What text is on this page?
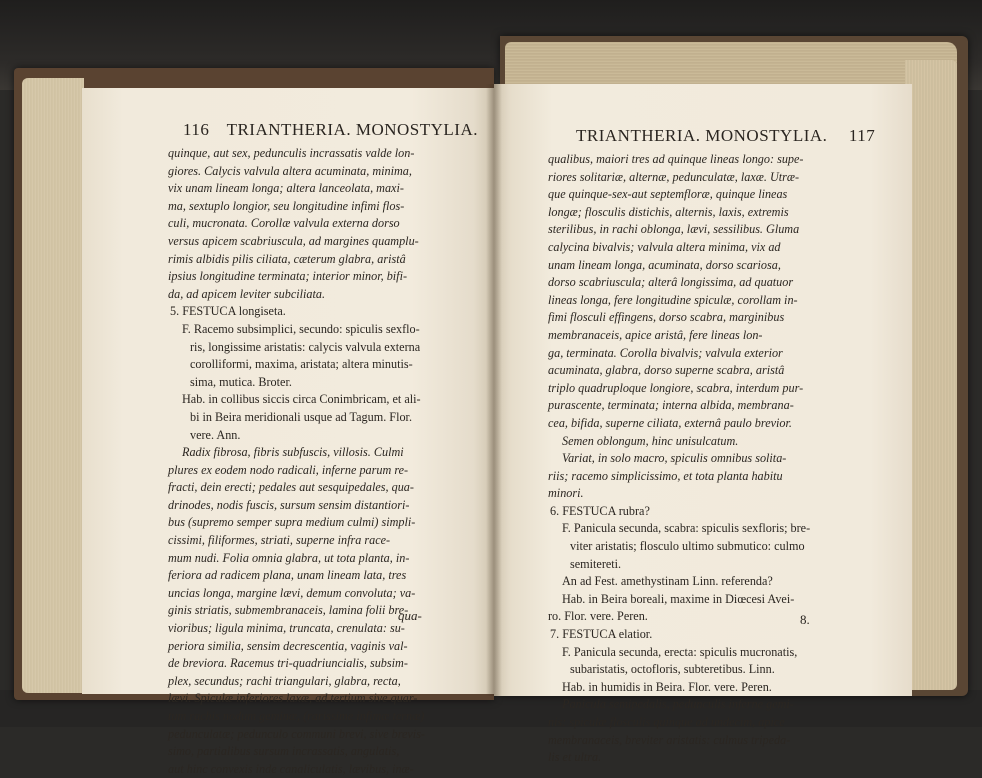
116 TRIANTHERIA. MONOSTYLIA.
quinque, aut sex, pedunculis incrassatis valde lon-
giores. Calycis valvula altera acuminata, minima,
vix unam lineam longa; altera lanceolata, maxi-
ma, sextuplo longior, seu longitudine infimi flos-
culi, mucronata. Corollæ valvula externa dorso
versus apicem scabriuscula, ad margines quamplu-
rimis albidis pilis ciliata, cæterum glabra, aristâ
ipsius longitudine terminata; interior minor, bifi-
da, ad apicem leviter subciliata.
5. FESTUCA longiseta.
F. Racemo subsimplici, secundo: spiculis sexflo-
ris, longissime aristatis: calycis valvula externa
corolliformi, maxima, aristata; altera minutis-
sima, mutica. Broter.
Hab. in collibus siccis circa Conimbricam, et ali-
bi in Beira meridionali usque ad Tagum. Flor.
vere. Ann.
Radix fibrosa, fibris subfuscis, villosis. Culmi
plures ex eodem nodo radicali, inferne parum re-
fracti, dein erecti; pedales aut sesquipedales, qua-
drinodes, nodis fuscis, sursum sensim distantiori-
bus (supremo semper supra medium culmi) simpli-
cissimi, filiformes, striati, superne infra race-
mum nudi. Folia omnia glabra, ut tota planta, in-
feriora ad radicem plana, unam lineam lata, tres
uncias longa, margine lævi, demum convoluta; va-
ginis striatis, submembranaceis, lamina folii bre-
vioribus; ligula minima, truncata, crenulata: su-
periora similia, sensim decrescentia, vaginis val-
de breviora. Racemus tri-quadriuncialis, subsim-
plex, secundus; rachi triangulari, glabra, recta,
lævi. Spiculæ inferiores laxæ, ad tertium sive quar-
tum rachis nodum geminæ, (rarissime infimæ ternæ)
pedunculatæ; pedunculo communi brevi, sive brevis-
simo, partialibus sursum incrassatis, angulatis,
aut hinc convexis inde canaliculatis, lævibus, inæ-
qua-
TRIANTHERIA. MONOSTYLIA. 117
qualibus, maiori tres ad quinque lineas longo: supe-
riores solitariæ, alternæ, pedunculatæ, laxæ. Utræ-
que quinque-sex-aut septemfloræ, quinque lineas
longæ; flosculis distichis, alternis, laxis, extremis
sterilibus, in rachi oblonga, lævi, sessilibus. Gluma
calycina bivalvis; valvula altera minima, vix ad
unam lineam longa, acuminata, dorso scariosa,
dorso scabriuscula; alterâ longissima, ad quatuor
lineas longa, fere longitudine spiculæ, corollam in-
fimi flosculi effingens, dorso scabra, marginibus
membranaceis, apice aristâ, fere lineas lon-
ga, terminata. Corolla bivalvis; valvula exterior
acuminata, glabra, dorso superne scabra, aristâ
triplo quadruploque longiore, scabra, interdum pur-
purascente, terminata; interna albida, membrana-
cea, bifida, superne ciliata, externâ paulo brevior.
Semen oblongum, hinc unisulcatum.
Variat, in solo macro, spiculis omnibus solita-
riis; racemo simplicissimo, et tota planta habitu
minori.
6. FESTUCA rubra?
F. Panicula secunda, scabra: spiculis sexfloris; bre-
viter aristatis; flosculo ultimo submutico: culmo
semitereti.
An ad Fest. amethystinam Linn. referenda?
Hab. in Beira boreali, maxime in Diœcesi Avei-
ro. Flor. vere. Peren.
7. FESTUCA elatior.
F. Panicula secunda, erecta: spiculis mucronatis,
subaristatis, octofloris, subteretibus. Linn.
Hab. in humidis in Beira. Flor. vere. Peren.
Panicula semipedalis, pedunculis inferne gemi-
nis: spiculæ flosculis quinque ad undecim, apice
membranaceis, breviter aristatis: culmus tripeda-
lis et ultra.
8.
